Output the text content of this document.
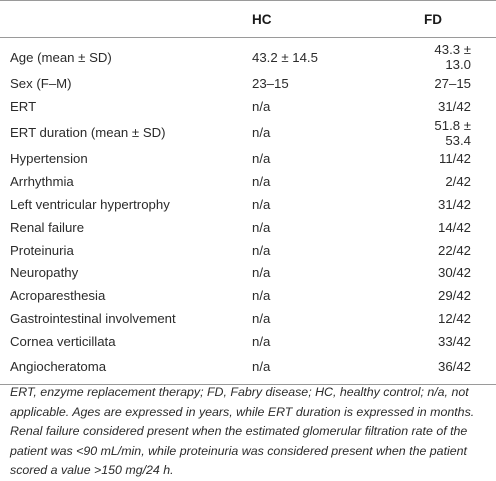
	HC	FD
Age (mean ± SD)	43.2 ± 14.5	43.3 ± 13.0
Sex (F–M)	23–15	27–15
ERT	n/a	31/42
ERT duration (mean ± SD)	n/a	51.8 ± 53.4
Hypertension	n/a	11/42
Arrhythmia	n/a	2/42
Left ventricular hypertrophy	n/a	31/42
Renal failure	n/a	14/42
Proteinuria	n/a	22/42
Neuropathy	n/a	30/42
Acroparesthesia	n/a	29/42
Gastrointestinal involvement	n/a	12/42
Cornea verticillata	n/a	33/42
Angiocheratoma	n/a	36/42
ERT, enzyme replacement therapy; FD, Fabry disease; HC, healthy control; n/a, not applicable. Ages are expressed in years, while ERT duration is expressed in months. Renal failure considered present when the estimated glomerular filtration rate of the patient was <90 mL/min, while proteinuria was considered present when the patient scored a value >150 mg/24 h.
